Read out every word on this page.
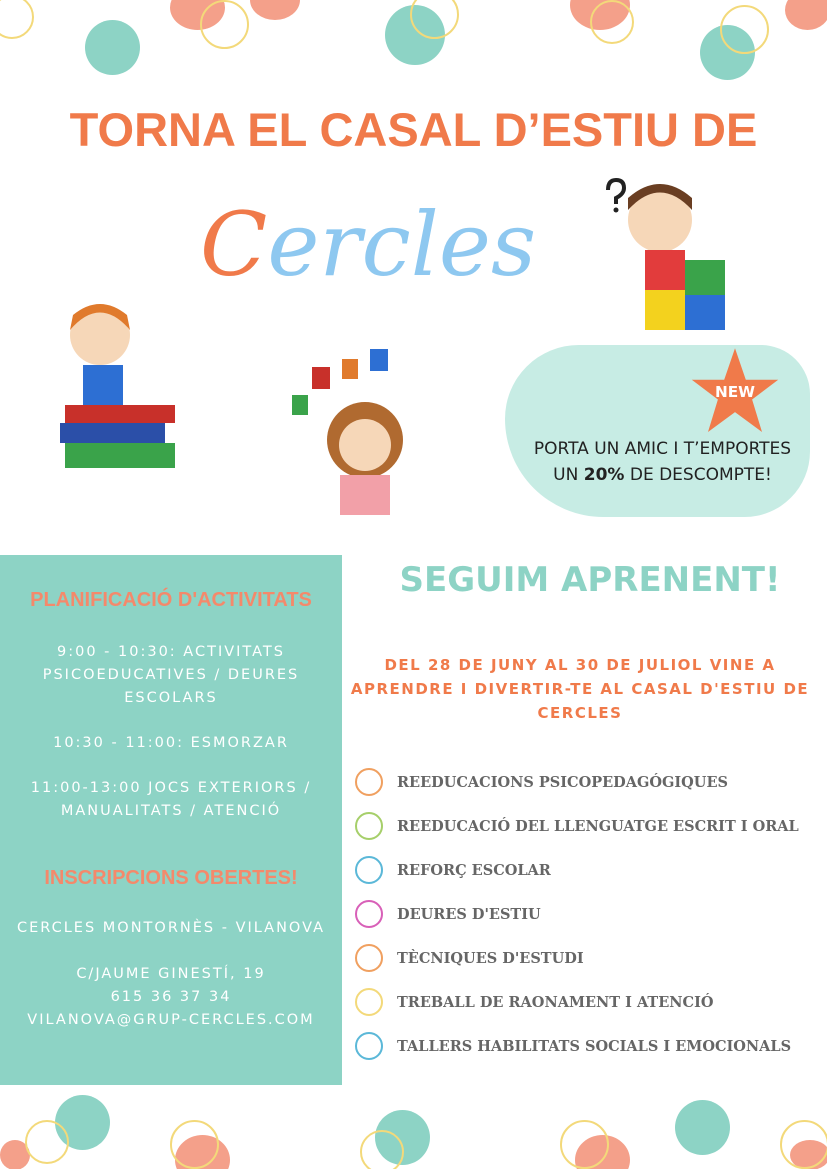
TORNA EL CASAL D’ESTIU DE
Cercles
NEW
PORTA UN AMIC I T’EMPORTES
UN 20% DE DESCOMPTE!
PLANIFICACIÓ D'ACTIVITATS
9:00 - 10:30: ACTIVITATS PSICOEDUCATIVES / DEURES ESCOLARS
10:30 - 11:00: ESMORZAR
11:00-13:00 JOCS EXTERIORS / MANUALITATS / ATENCIÓ
INSCRIPCIONS OBERTES!
CERCLES MONTORNÈS - VILANOVA
C/JAUME GINESTÍ, 19
615 36 37 34
VILANOVA@GRUP-CERCLES.COM
SEGUIM APRENENT!
DEL 28 DE JUNY AL 30 DE JULIOL VINE A APRENDRE I DIVERTIR-TE AL CASAL D'ESTIU DE CERCLES
REEDUCACIONS PSICOPEDAGÓGIQUES
REEDUCACIÓ DEL LLENGUATGE ESCRIT I ORAL
REFORÇ ESCOLAR
DEURES D'ESTIU
TÈCNIQUES D'ESTUDI
TREBALL DE RAONAMENT I ATENCIÓ
TALLERS HABILITATS SOCIALS I EMOCIONALS
